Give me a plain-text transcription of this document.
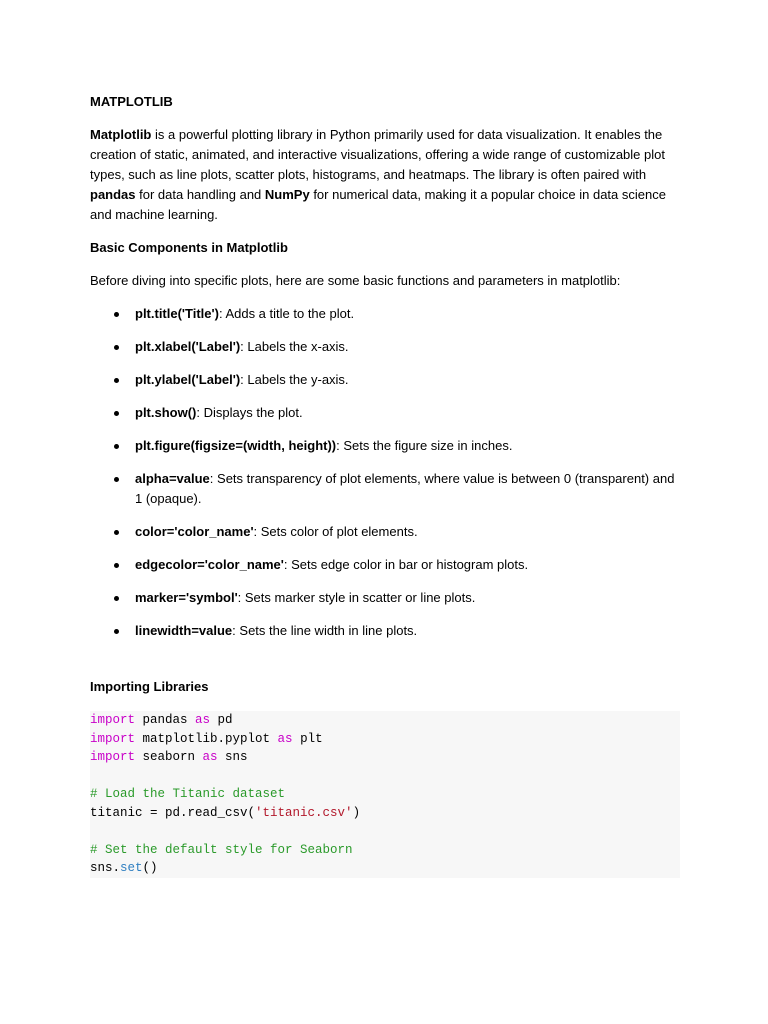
MATPLOTLIB
Matplotlib is a powerful plotting library in Python primarily used for data visualization. It enables the creation of static, animated, and interactive visualizations, offering a wide range of customizable plot types, such as line plots, scatter plots, histograms, and heatmaps. The library is often paired with pandas for data handling and NumPy for numerical data, making it a popular choice in data science and machine learning.
Basic Components in Matplotlib
Before diving into specific plots, here are some basic functions and parameters in matplotlib:
plt.title('Title'): Adds a title to the plot.
plt.xlabel('Label'): Labels the x-axis.
plt.ylabel('Label'): Labels the y-axis.
plt.show(): Displays the plot.
plt.figure(figsize=(width, height)): Sets the figure size in inches.
alpha=value: Sets transparency of plot elements, where value is between 0 (transparent) and 1 (opaque).
color='color_name': Sets color of plot elements.
edgecolor='color_name': Sets edge color in bar or histogram plots.
marker='symbol': Sets marker style in scatter or line plots.
linewidth=value: Sets the line width in line plots.
Importing Libraries
import pandas as pd
import matplotlib.pyplot as plt
import seaborn as sns
# Load the Titanic dataset
titanic = pd.read_csv('titanic.csv')
# Set the default style for Seaborn
sns.set()
